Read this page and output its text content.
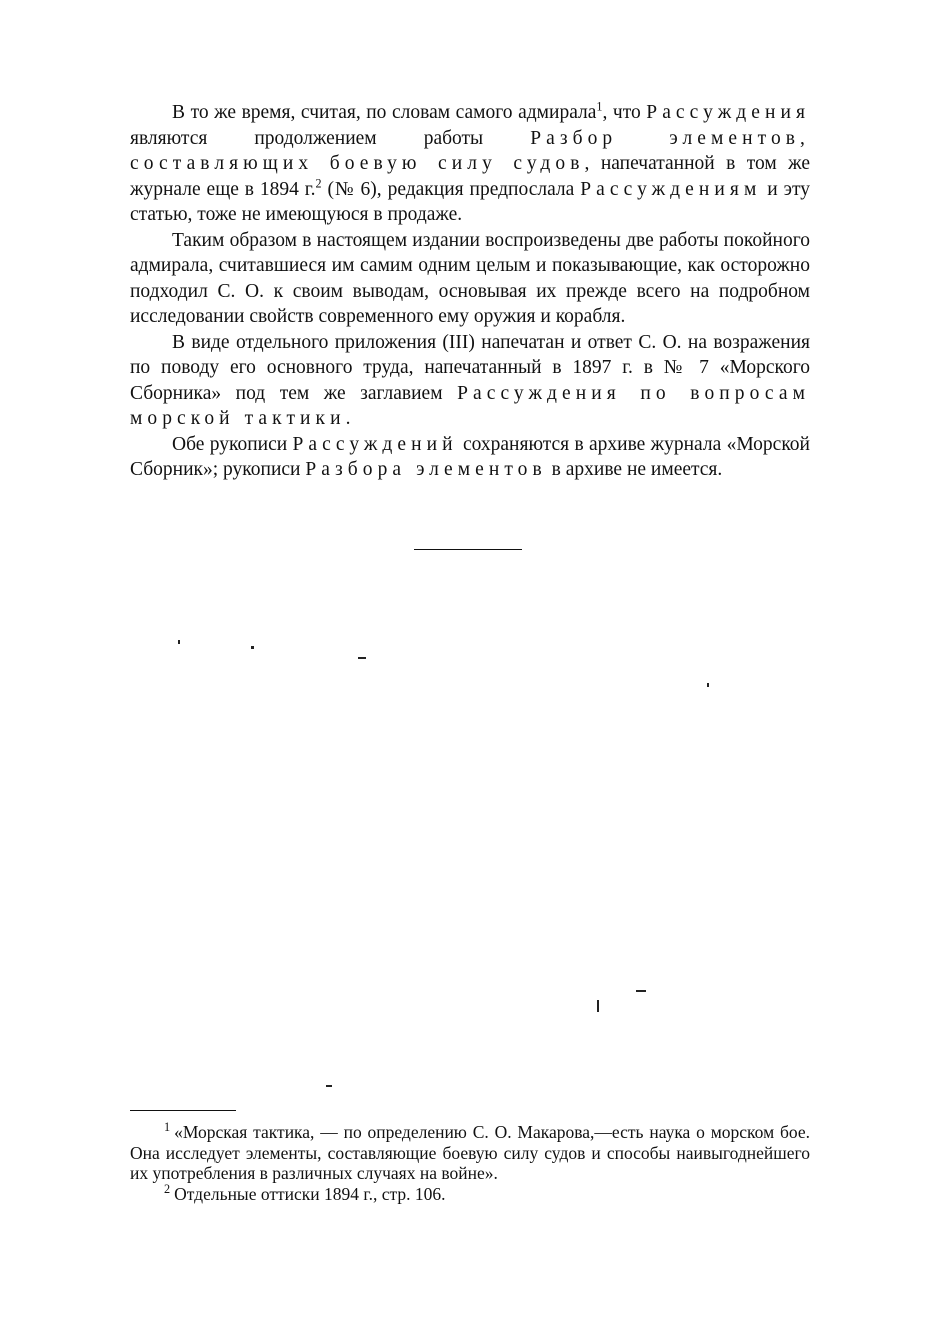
В то же время, считая, по словам самого адмирала$^1$, что Рассуждения являются продолжением работы Разбор элементов, составляющих боевую силу судов, напечатанной в том же журнале еще в 1894 г.$^2$ (№ 6), редакция предпослала Рассуждениям и эту статью, тоже не имеющуюся в продаже.

Таким образом в настоящем издании воспроизведены две работы покойного адмирала, считавшиеся им самим одним целым и показывающие, как осторожно подходил С. О. к своим выводам, основывая их прежде всего на подробном исследовании свойств современного ему оружия и корабля.

В виде отдельного приложения (III) напечатан и ответ С. О. на возражения по поводу его основного труда, напечатанный в 1897 г. в № 7 «Морского Сборника» под тем же заглавием Рассуждения по вопросам морской тактики.

Обе рукописи Рассуждений сохраняются в архиве журнала «Морской Сборник»; рукописи Разбора элементов в архиве не имеется.

$^1$ «Морская тактика, — по определению С. О. Макарова,—есть наука о морском бое. Она исследует элементы, составляющие боевую силу судов и способы наивыгоднейшего их употребления в различных случаях на войне».

$^2$ Отдельные оттиски 1894 г., стр. 106.
